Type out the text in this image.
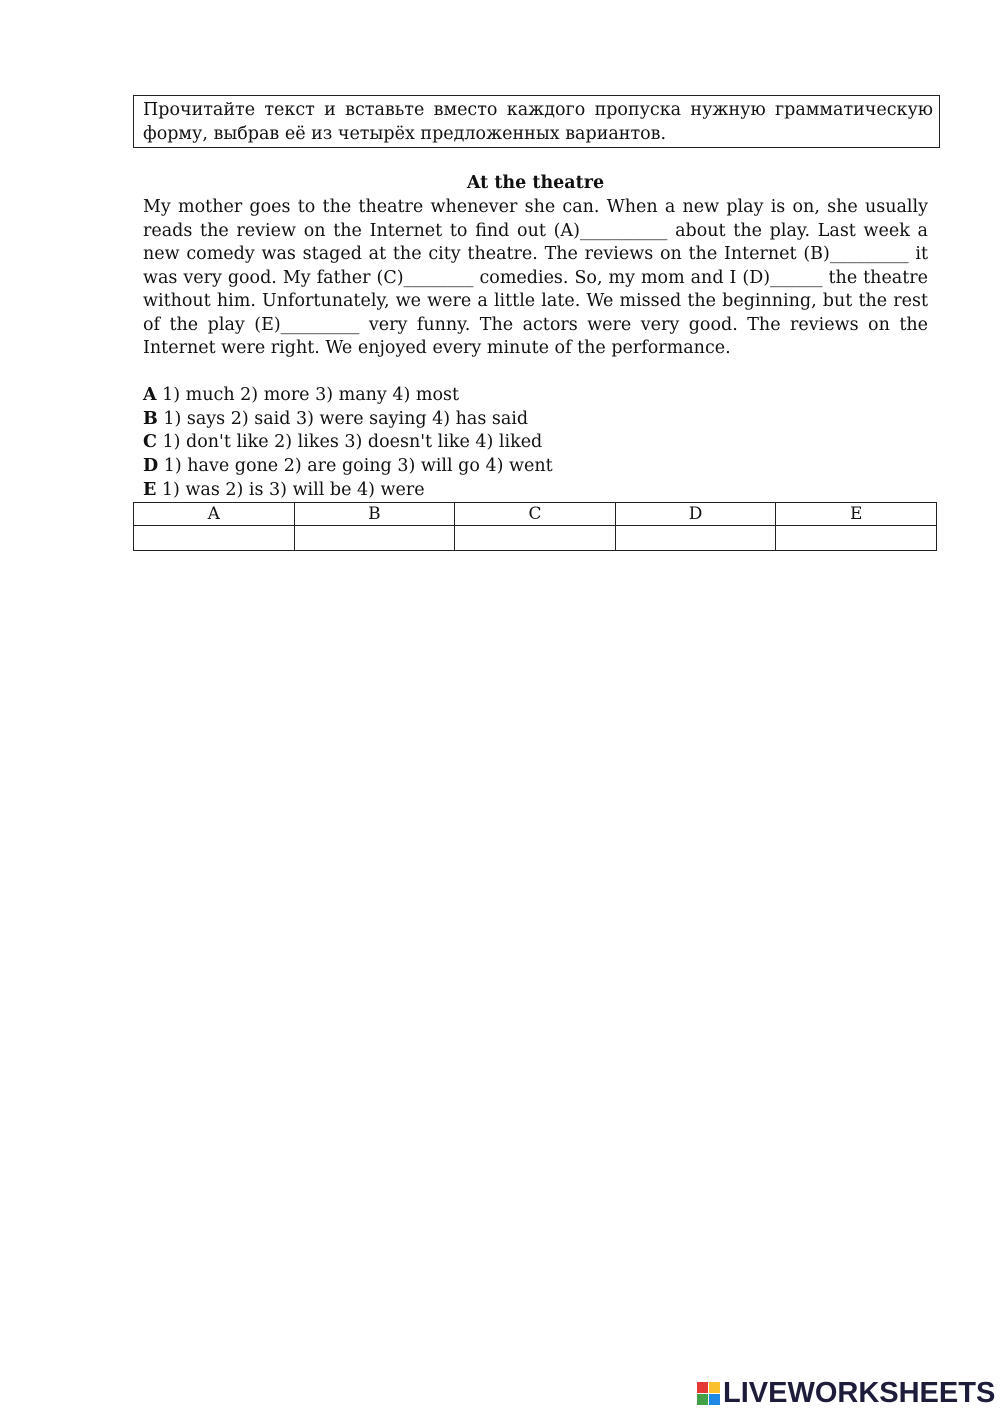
Прочитайте текст и вставьте вместо каждого пропуска нужную грамматическую форму, выбрав её из четырёх предложенных вариантов.
At the theatre
My mother goes to the theatre whenever she can. When a new play is on, she usually reads the review on the Internet to find out (A)__________ about the play. Last week a new comedy was staged at the city theatre. The reviews on the Internet (B)_________ it was very good. My father (C)________ comedies. So, my mom and I (D)______ the theatre without him. Unfortunately, we were a little late. We missed the beginning, but the rest of the play (E)_________ very funny. The actors were very good. The reviews on the Internet were right. We enjoyed every minute of the performance.
A 1) much 2) more 3) many 4) most
B 1) says 2) said 3) were saying 4) has said
C 1) don't like 2) likes 3) doesn't like 4) liked
D 1) have gone 2) are going 3) will go 4) went
E 1) was 2) is 3) will be 4) were
A	B	C	D	E

LIVEWORKSHEETS
